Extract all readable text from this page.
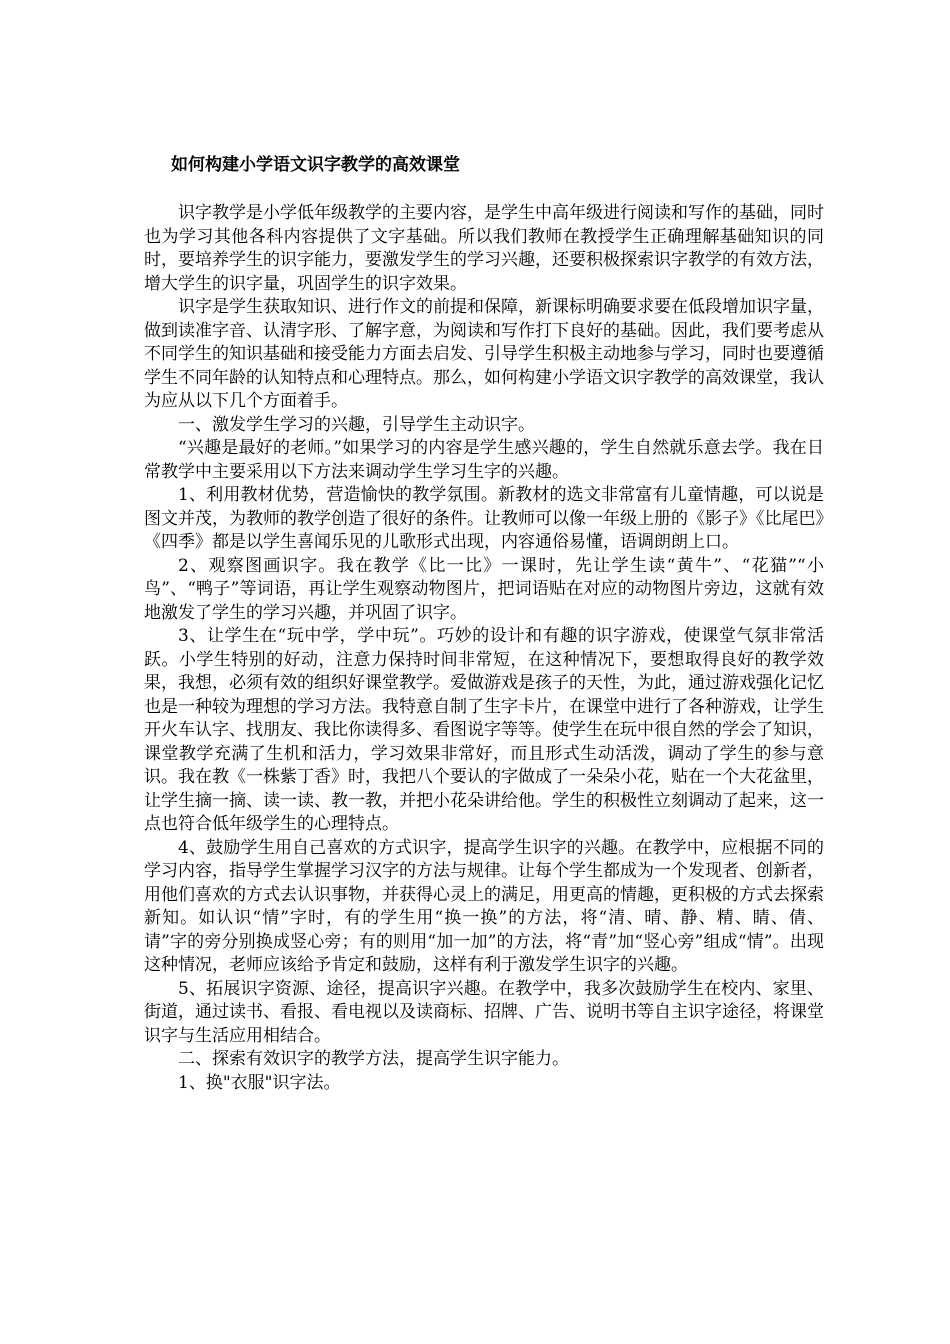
如何构建小学语文识字教学的高效课堂

识字教学是小学低年级教学的主要内容，是学生中高年级进行阅读和写作的基础，同时也为学习其他各科内容提供了文字基础。所以我们教师在教授学生正确理解基础知识的同时，要培养学生的识字能力，要激发学生的学习兴趣，还要积极探索识字教学的有效方法，增大学生的识字量，巩固学生的识字效果。

识字是学生获取知识、进行作文的前提和保障，新课标明确要求要在低段增加识字量，做到读准字音、认清字形、了解字意，为阅读和写作打下良好的基础。因此，我们要考虑从不同学生的知识基础和接受能力方面去启发、引导学生积极主动地参与学习，同时也要遵循学生不同年龄的认知特点和心理特点。那么，如何构建小学语文识字教学的高效课堂，我认为应从以下几个方面着手。

一、激发学生学习的兴趣，引导学生主动识字。

“兴趣是最好的老师。”如果学习的内容是学生感兴趣的，学生自然就乐意去学。我在日常教学中主要采用以下方法来调动学生学习生字的兴趣。

1、利用教材优势，营造愉快的教学氛围。新教材的选文非常富有儿童情趣，可以说是图文并茂，为教师的教学创造了很好的条件。让教师可以像一年级上册的《影子》《比尾巴》《四季》都是以学生喜闻乐见的儿歌形式出现，内容通俗易懂，语调朗朗上口。

2、观察图画识字。我在教学《比一比》一课时，先让学生读“黄牛”、“花猫”“小鸟”、“鸭子”等词语，再让学生观察动物图片，把词语贴在对应的动物图片旁边，这就有效地激发了学生的学习兴趣，并巩固了识字。

3、让学生在“玩中学，学中玩”。巧妙的设计和有趣的识字游戏，使课堂气氛非常活跃。小学生特别的好动，注意力保持时间非常短，在这种情况下，要想取得良好的教学效果，我想，必须有效的组织好课堂教学。爱做游戏是孩子的天性，为此，通过游戏强化记忆也是一种较为理想的学习方法。我特意自制了生字卡片，在课堂中进行了各种游戏，让学生开火车认字、找朋友、我比你读得多、看图说字等等。使学生在玩中很自然的学会了知识，课堂教学充满了生机和活力，学习效果非常好，而且形式生动活泼，调动了学生的参与意识。我在教《一株紫丁香》时，我把八个要认的字做成了一朵朵小花，贴在一个大花盆里，让学生摘一摘、读一读、教一教，并把小花朵讲给他。学生的积极性立刻调动了起来，这一点也符合低年级学生的心理特点。

4、鼓励学生用自己喜欢的方式识字，提高学生识字的兴趣。在教学中，应根据不同的学习内容，指导学生掌握学习汉字的方法与规律。让每个学生都成为一个发现者、创新者，用他们喜欢的方式去认识事物，并获得心灵上的满足，用更高的情趣，更积极的方式去探索新知。如认识“情”字时，有的学生用“换一换”的方法，将“清、晴、静、精、睛、倩、请”字的旁分别换成竖心旁；有的则用“加一加”的方法，将“青”加“竖心旁”组成“情”。出现这种情况，老师应该给予肯定和鼓励，这样有利于激发学生识字的兴趣。

5、拓展识字资源、途径，提高识字兴趣。在教学中，我多次鼓励学生在校内、家里、街道，通过读书、看报、看电视以及读商标、招牌、广告、说明书等自主识字途径，将课堂识字与生活应用相结合。

二、探索有效识字的教学方法，提高学生识字能力。

1、换"衣服"识字法。
